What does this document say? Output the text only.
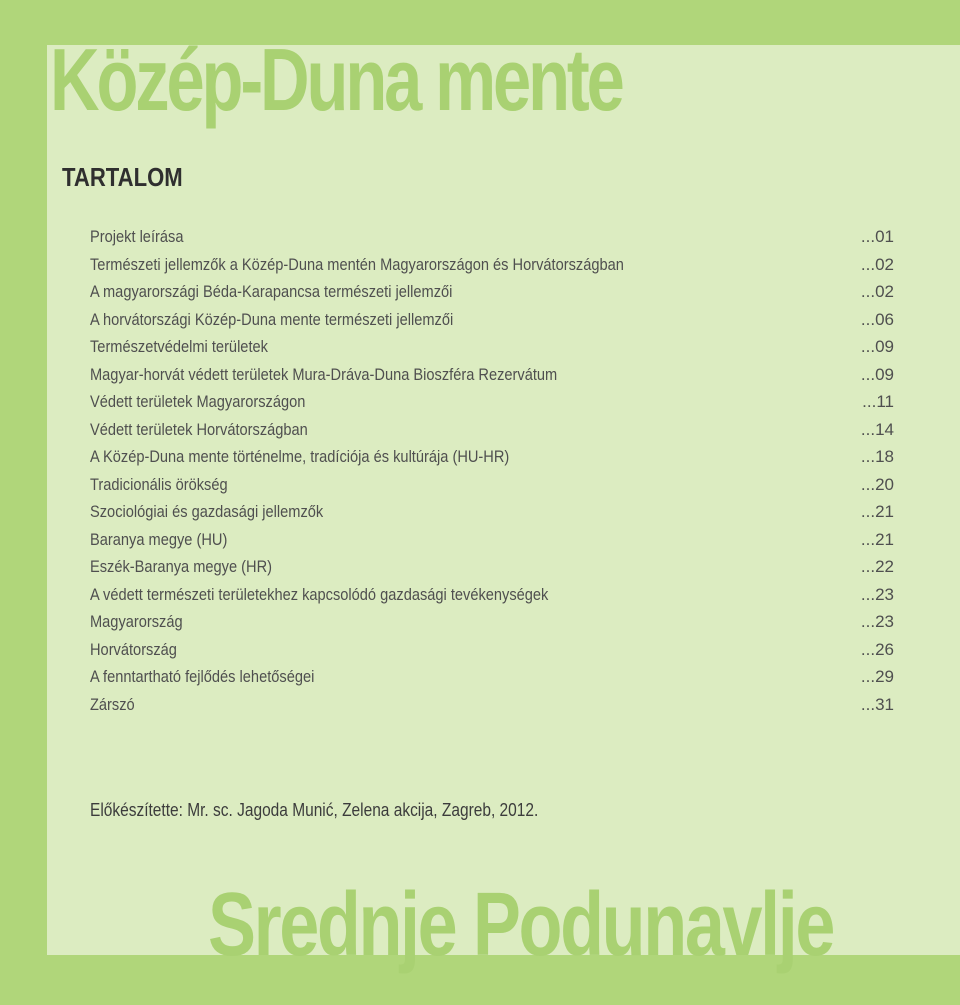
Közép-Duna mente
TARTALOM
Projekt leírása	...01
Természeti jellemzők a Közép-Duna mentén Magyarországon és Horvátországban	...02
A magyarországi Béda-Karapancsa természeti jellemzői	...02
A horvátországi Közép-Duna mente természeti jellemzői	...06
Természetvédelmi területek	...09
Magyar-horvát védett területek Mura-Dráva-Duna Bioszféra Rezervátum	...09
Védett területek Magyarországon	...11
Védett területek Horvátországban	...14
A Közép-Duna mente történelme, tradíciója és kultúrája (HU-HR)	...18
Tradicionális örökség	...20
Szociológiai és gazdasági jellemzők	...21
Baranya megye (HU)	...21
Eszék-Baranya megye (HR)	...22
A védett természeti területekhez kapcsolódó gazdasági tevékenységek	...23
Magyarország	...23
Horvátország	...26
A fenntartható fejlődés lehetőségei	...29
Zárszó	...31
Előkészítette: Mr. sc. Jagoda Munić, Zelena akcija, Zagreb, 2012.
Srednje Podunavlje
